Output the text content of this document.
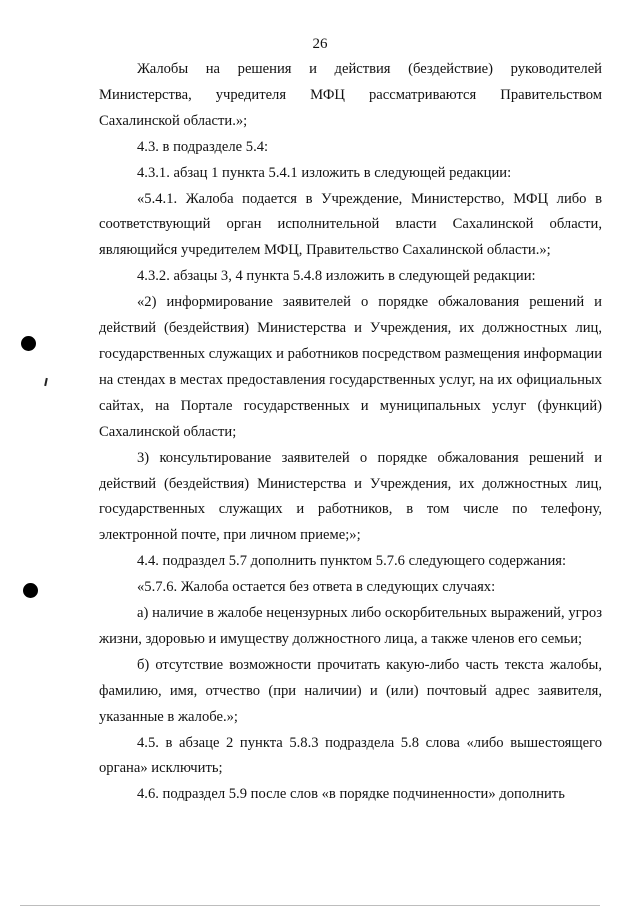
26

Жалобы на решения и действия (бездействие) руководителей Министерства, учредителя МФЦ рассматриваются Правительством Сахалинской области.»;

4.3. в подразделе 5.4:

4.3.1. абзац 1 пункта 5.4.1 изложить в следующей редакции:

«5.4.1. Жалоба подается в Учреждение, Министерство, МФЦ либо в соответствующий орган исполнительной власти Сахалинской области, являющийся учредителем МФЦ, Правительство Сахалинской области.»;

4.3.2. абзацы 3, 4 пункта 5.4.8 изложить в следующей редакции:

«2) информирование заявителей о порядке обжалования решений и действий (бездействия) Министерства и Учреждения, их должностных лиц, государственных служащих и работников посредством размещения информации на стендах в местах предоставления государственных услуг, на их официальных сайтах, на Портале государственных и муниципальных услуг (функций) Сахалинской области;

3) консультирование заявителей о порядке обжалования решений и действий (бездействия) Министерства и Учреждения, их должностных лиц, государственных служащих и работников, в том числе по телефону, электронной почте, при личном приеме;»;

4.4. подраздел 5.7 дополнить пунктом 5.7.6 следующего содержания:

«5.7.6. Жалоба остается без ответа в следующих случаях:

а) наличие в жалобе нецензурных либо оскорбительных выражений, угроз жизни, здоровью и имуществу должностного лица, а также членов его семьи;

б) отсутствие возможности прочитать какую-либо часть текста жалобы, фамилию, имя, отчество (при наличии) и (или) почтовый адрес заявителя, указанные в жалобе.»;

4.5. в абзаце 2 пункта 5.8.3 подраздела 5.8 слова «либо вышестоящего органа» исключить;

4.6. подраздел 5.9 после слов «в порядке подчиненности» дополнить
